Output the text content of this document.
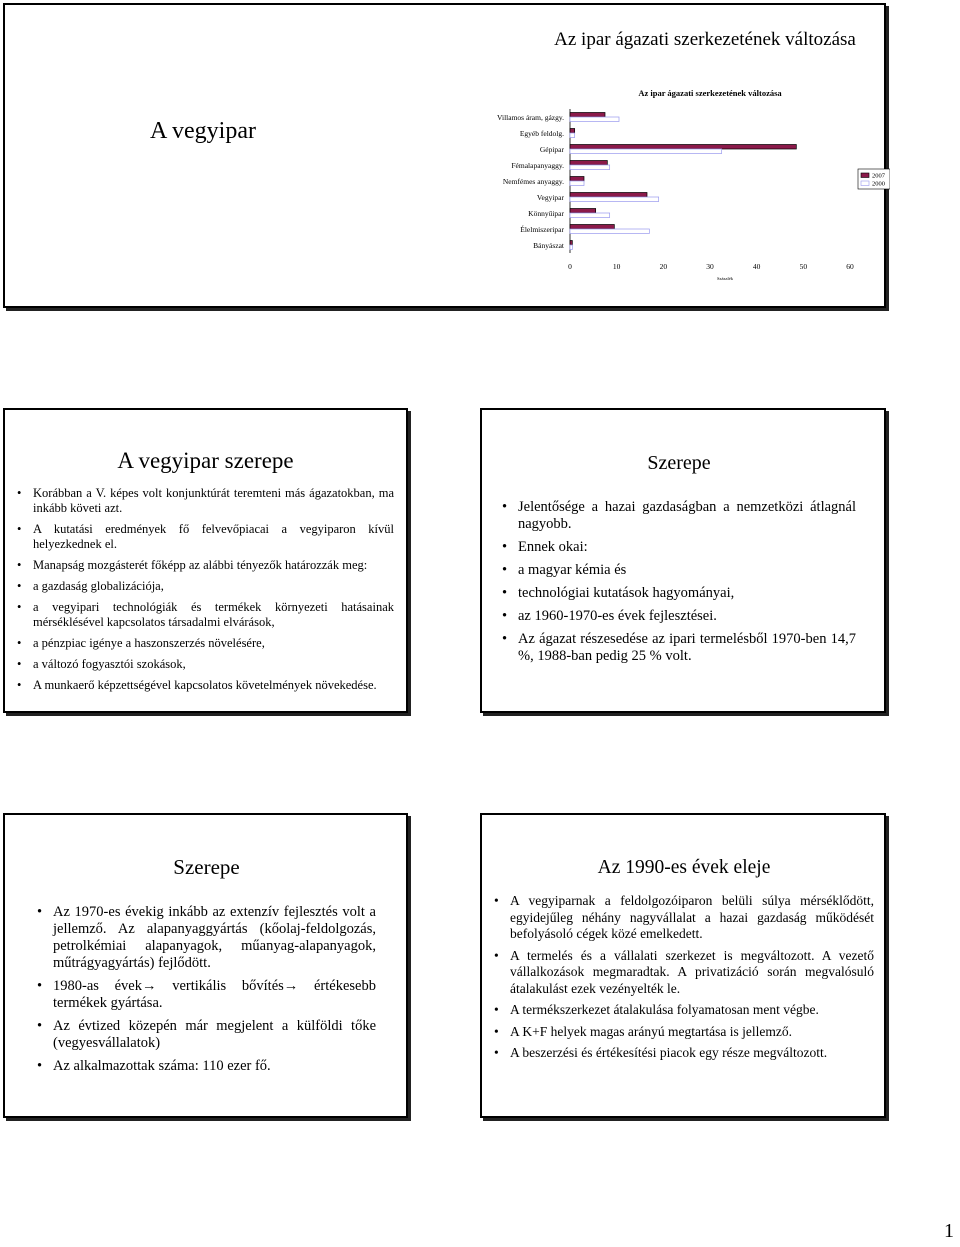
Az ipar ágazati szerkezetének változása
A vegyipar
Az ipar ágazati szerkezetének változása
Villamos áram, gázgy.
Egyéb feldolg.
Gépipar
Fémalapanyaggy.
Nemfémes anyaggy.
Vegyipar
Könnyűipar
Élelmiszeripar
Bányászat
0	10	20	30	40	50	60
Százalék
2007
2000
A vegyipar szerepe
• Korábban a V. képes volt konjunktúrát teremteni más ágazatokban, ma inkább követi azt.
• A kutatási eredmények fő felvevőpiacai a vegyiparon kívül helyezkednek el.
• Manapság mozgásterét főképp az alábbi tényezők határozzák meg:
• a gazdaság globalizációja,
• a vegyipari technológiák és termékek környezeti hatásainak mérséklésével kapcsolatos társadalmi elvárások,
• a pénzpiac igénye a haszonszerzés növelésére,
• a változó fogyasztói szokások,
• A munkaerő képzettségével kapcsolatos követelmények növekedése.
Szerepe
• Jelentősége a hazai gazdaságban a nemzetközi átlagnál nagyobb.
• Ennek okai:
• a magyar kémia és
• technológiai kutatások hagyományai,
• az 1960-1970-es évek fejlesztései.
• Az ágazat részesedése az ipari termelésből 1970-ben 14,7 %, 1988-ban pedig 25 % volt.
Szerepe
• Az 1970-es évekig inkább az extenzív fejlesztés volt a jellemző. Az alapanyaggyártás (kőolaj-feldolgozás, petrolkémiai alapanyagok, műanyag-alapanyagok, műtrágyagyártás) fejlődött.
• 1980-as évek→ vertikális bővítés→ értékesebb termékek gyártása.
• Az évtized közepén már megjelent a külföldi tőke (vegyesvállalatok)
• Az alkalmazottak száma: 110 ezer fő.
Az 1990-es évek eleje
• A vegyiparnak a feldolgozóiparon belüli súlya mérséklődött, egyidejűleg néhány nagyvállalat a hazai gazdaság működését befolyásoló cégek közé emelkedett.
• A termelés és a vállalati szerkezet is megváltozott. A vezető vállalkozások megmaradtak. A privatizáció során megvalósuló átalakulást ezek vezényelték le.
• A termékszerkezet átalakulása folyamatosan ment végbe.
• A K+F helyek magas arányú megtartása is jellemző.
• A beszerzési és értékesítési piacok egy része megváltozott.
1
